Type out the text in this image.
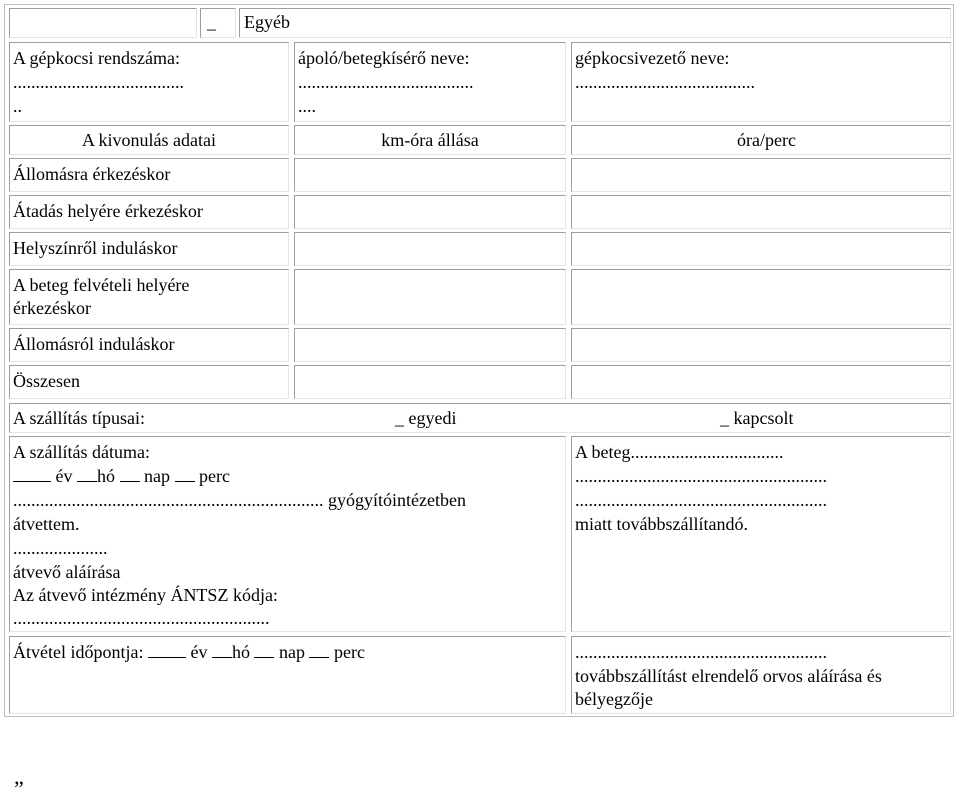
_ Egyéb
A gépkocsi rendszáma:
......................................
..
ápoló/betegkísérő neve:
.......................................
....
gépkocsivezető neve:
........................................
A kivonulás adatai	km-óra állása	óra/perc
Állomásra érkezéskor
Átadás helyére érkezéskor
Helyszínről induláskor
A beteg felvételi helyére
érkezéskor
Állomásról induláskor
Összesen
A szállítás típusai:	_ egyedi	_ kapcsolt
A szállítás dátuma:
év hó nap perc
..................................................................... gyógyítóintézetben
átvettem.
.....................
átvevő aláírása
Az átvevő intézmény ÁNTSZ kódja:
.........................................................
A beteg..................................
........................................................
........................................................
miatt továbbszállítandó.
Átvétel időpontja:	év hó nap perc	........................................................
továbbszállítást elrendelő orvos aláírása és
bélyegzője
„
